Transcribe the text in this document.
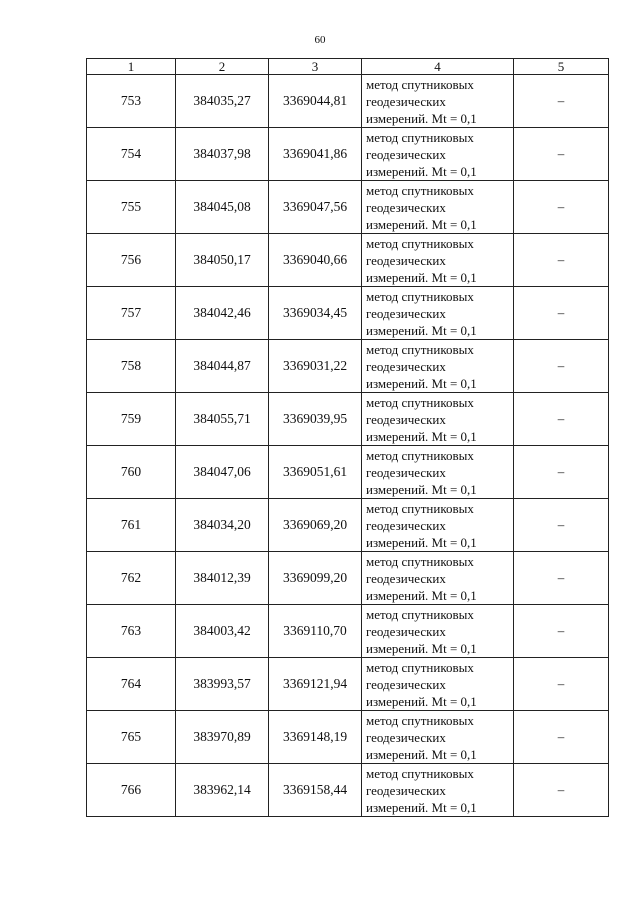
60
1	2	3	4	5
753	384035,27	3369044,81	метод спутниковых
геодезических
измерений. Mt = 0,1	–
754	384037,98	3369041,86	метод спутниковых
геодезических
измерений. Mt = 0,1	–
755	384045,08	3369047,56	метод спутниковых
геодезических
измерений. Mt = 0,1	–
756	384050,17	3369040,66	метод спутниковых
геодезических
измерений. Mt = 0,1	–
757	384042,46	3369034,45	метод спутниковых
геодезических
измерений. Mt = 0,1	–
758	384044,87	3369031,22	метод спутниковых
геодезических
измерений. Mt = 0,1	–
759	384055,71	3369039,95	метод спутниковых
геодезических
измерений. Mt = 0,1	–
760	384047,06	3369051,61	метод спутниковых
геодезических
измерений. Mt = 0,1	–
761	384034,20	3369069,20	метод спутниковых
геодезических
измерений. Mt = 0,1	–
762	384012,39	3369099,20	метод спутниковых
геодезических
измерений. Mt = 0,1	–
763	384003,42	3369110,70	метод спутниковых
геодезических
измерений. Mt = 0,1	–
764	383993,57	3369121,94	метод спутниковых
геодезических
измерений. Mt = 0,1	–
765	383970,89	3369148,19	метод спутниковых
геодезических
измерений. Mt = 0,1	–
766	383962,14	3369158,44	метод спутниковых
геодезических
измерений. Mt = 0,1	–
